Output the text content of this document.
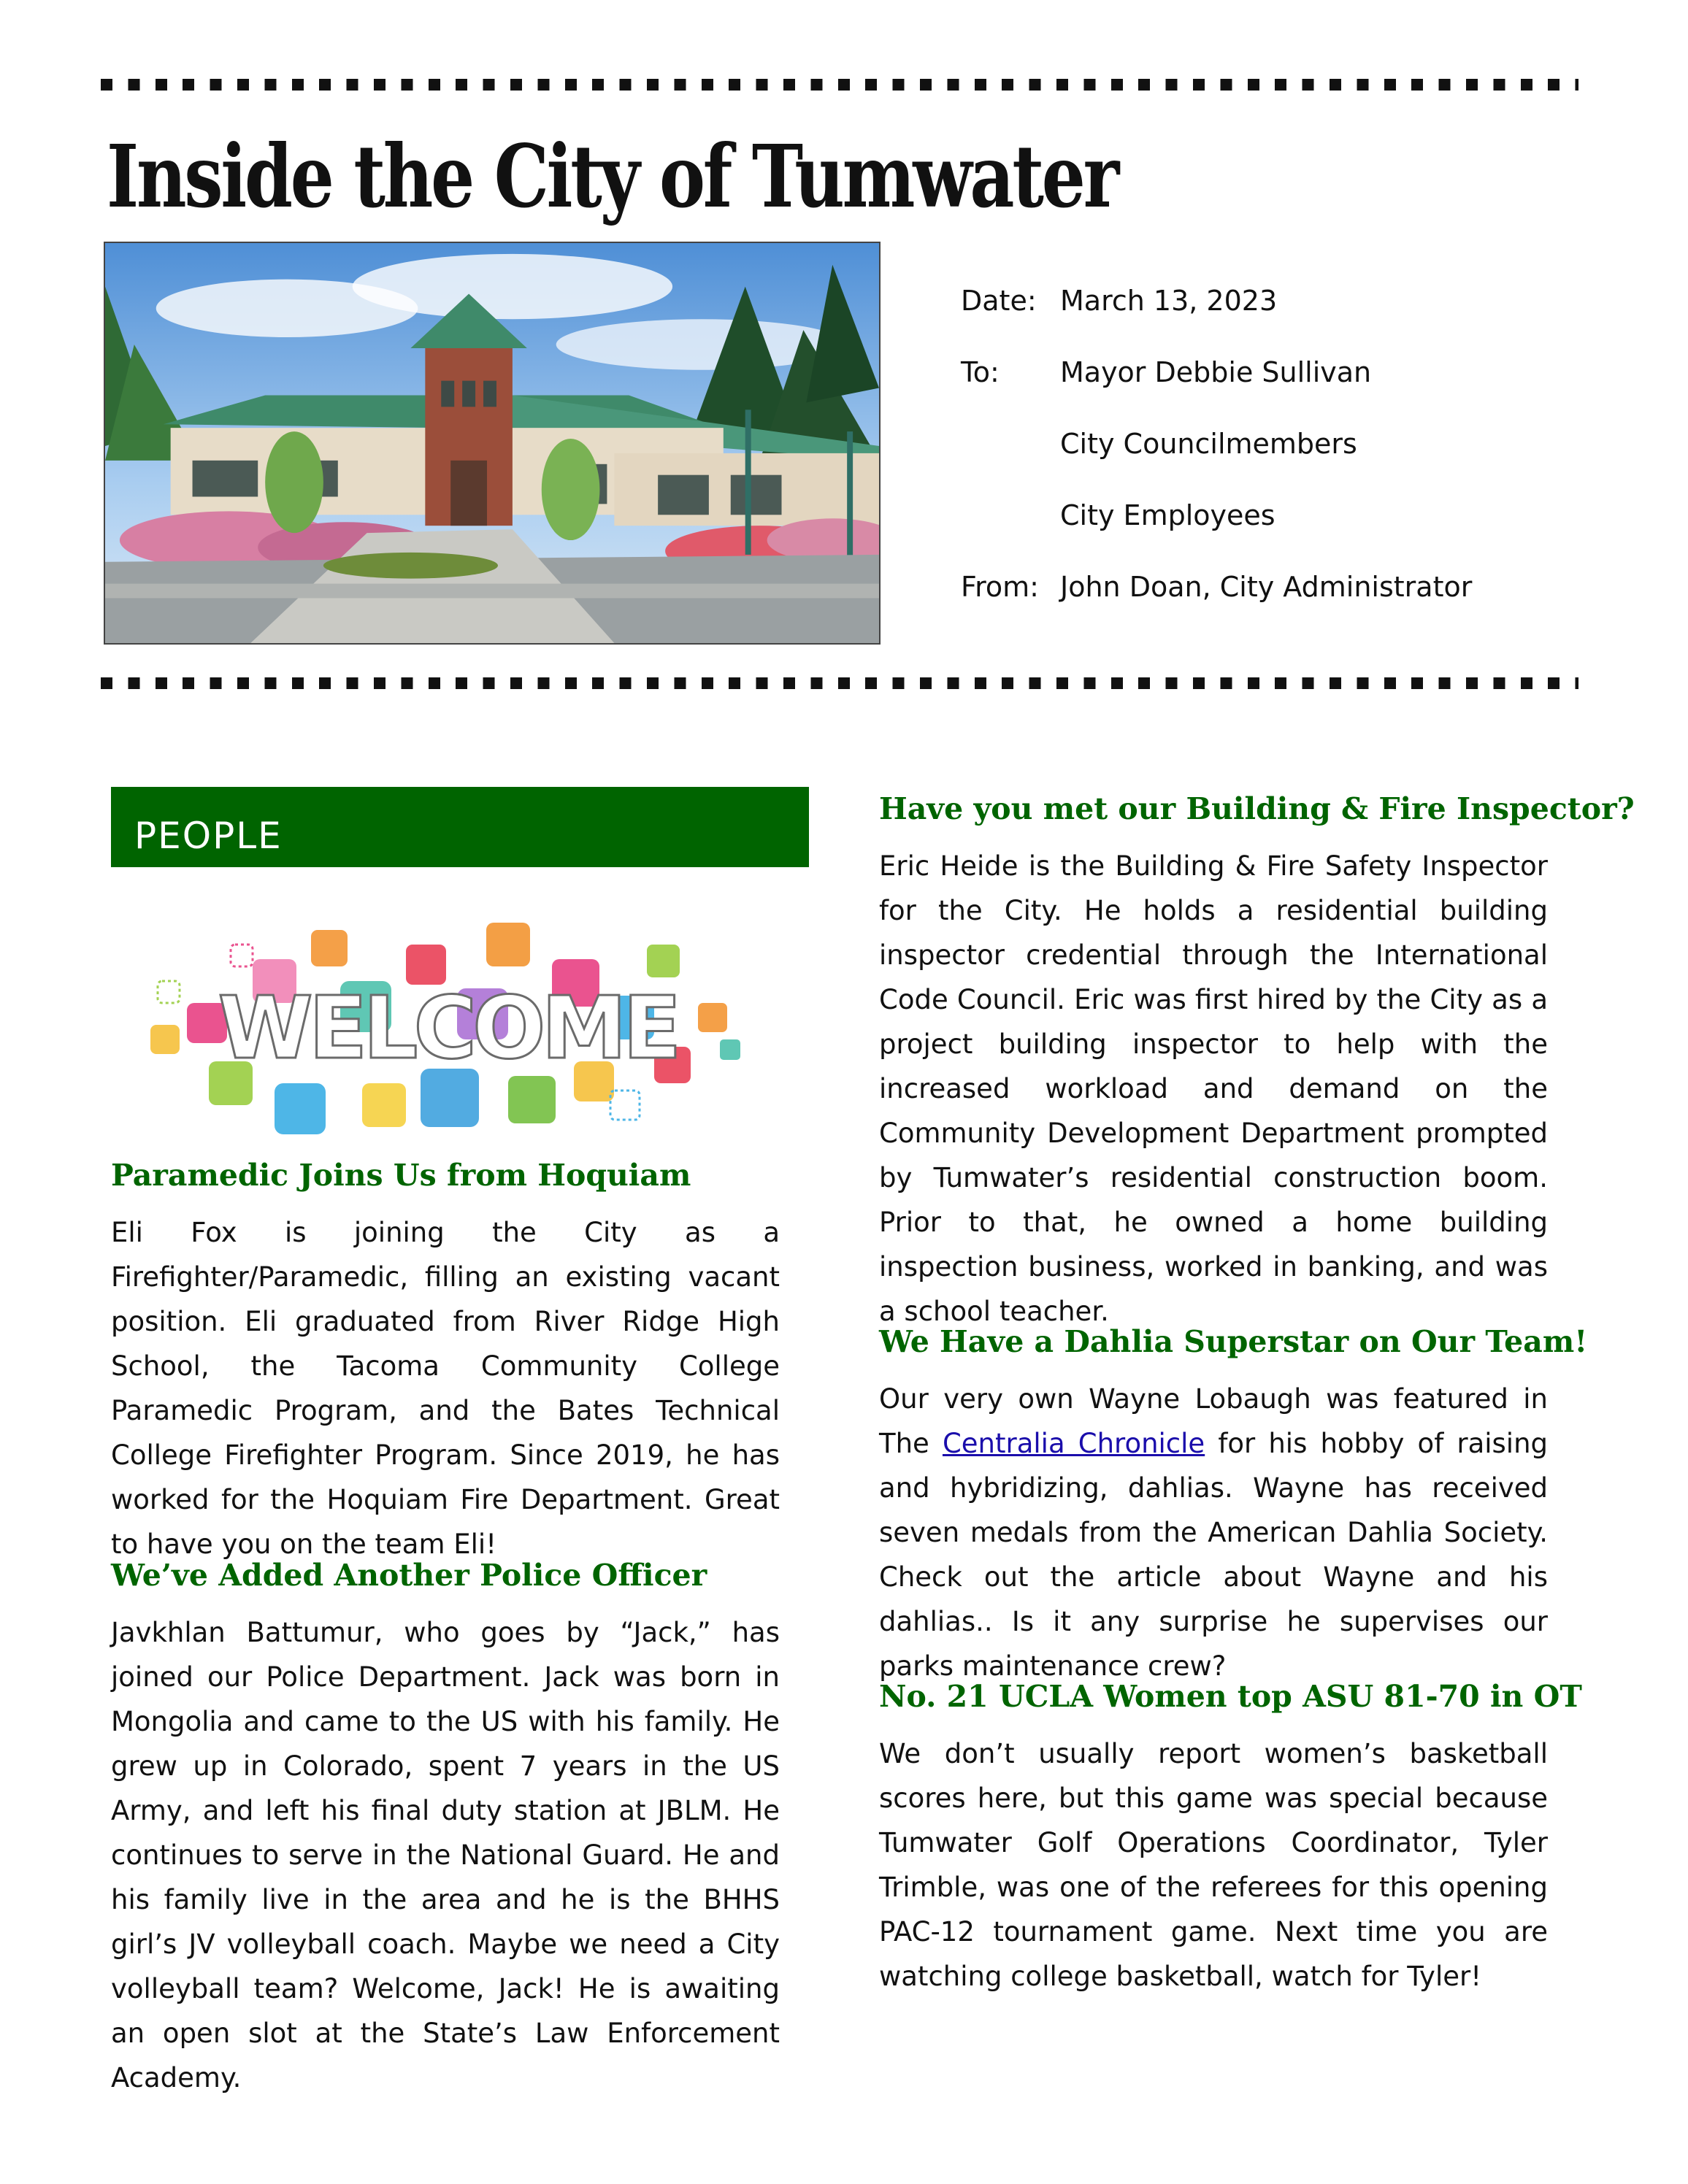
Inside the City of Tumwater
Date: March 13, 2023
To: Mayor Debbie Sullivan
City Councilmembers
City Employees
From: John Doan, City Administrator
PEOPLE
WELCOME
Paramedic Joins Us from Hoquiam

Eli Fox is joining the City as a Firefighter/Paramedic, filling an existing vacant position. Eli graduated from River Ridge High School, the Tacoma Community College Paramedic Program, and the Bates Technical College Firefighter Program. Since 2019, he has worked for the Hoquiam Fire Department. Great to have you on the team Eli!

We’ve Added Another Police Officer

Javkhlan Battumur, who goes by “Jack,” has joined our Police Department. Jack was born in Mongolia and came to the US with his family. He grew up in Colorado, spent 7 years in the US Army, and left his final duty station at JBLM. He continues to serve in the National Guard. He and his family live in the area and he is the BHHS girl’s JV volleyball coach. Maybe we need a City volleyball team? Welcome, Jack! He is awaiting an open slot at the State’s Law Enforcement Academy.

Have you met our Building & Fire Inspector?

Eric Heide is the Building & Fire Safety Inspector for the City. He holds a residential building inspector credential through the International Code Council. Eric was first hired by the City as a project building inspector to help with the increased workload and demand on the Community Development Department prompted by Tumwater’s residential construction boom. Prior to that, he owned a home building inspection business, worked in banking, and was a school teacher.

We Have a Dahlia Superstar on Our Team!

Our very own Wayne Lobaugh was featured in The Centralia Chronicle for his hobby of raising and hybridizing, dahlias. Wayne has received seven medals from the American Dahlia Society. Check out the article about Wayne and his dahlias.. Is it any surprise he supervises our parks maintenance crew?

No. 21 UCLA Women top ASU 81-70 in OT

We don’t usually report women’s basketball scores here, but this game was special because Tumwater Golf Operations Coordinator, Tyler Trimble, was one of the referees for this opening PAC-12 tournament game. Next time you are watching college basketball, watch for Tyler!
